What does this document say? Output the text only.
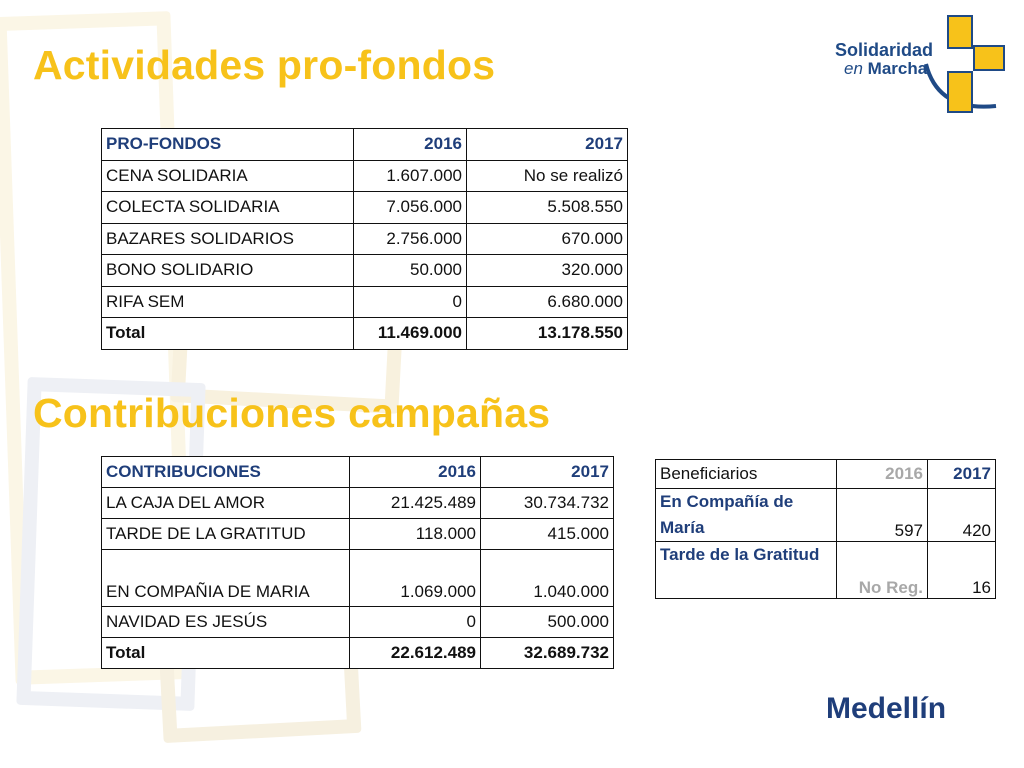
Actividades pro-fondos
PRO-FONDOS	2016	2017
CENA SOLIDARIA	1.607.000	No se realizó
COLECTA SOLIDARIA	7.056.000	5.508.550
BAZARES SOLIDARIOS	2.756.000	670.000
BONO SOLIDARIO	50.000	320.000
RIFA SEM	0	6.680.000
Total	11.469.000	13.178.550
Contribuciones campañas
CONTRIBUCIONES	2016	2017
LA CAJA DEL AMOR	21.425.489	30.734.732
TARDE DE LA GRATITUD	118.000	415.000
EN COMPAÑIA DE MARIA	1.069.000	1.040.000
NAVIDAD ES JESÚS	0	500.000
Total	22.612.489	32.689.732
Beneficiarios	2016	2017
En Compañía de María	597	420
Tarde de la Gratitud	No Reg.	16
Solidaridad
en Marcha
Medellín
